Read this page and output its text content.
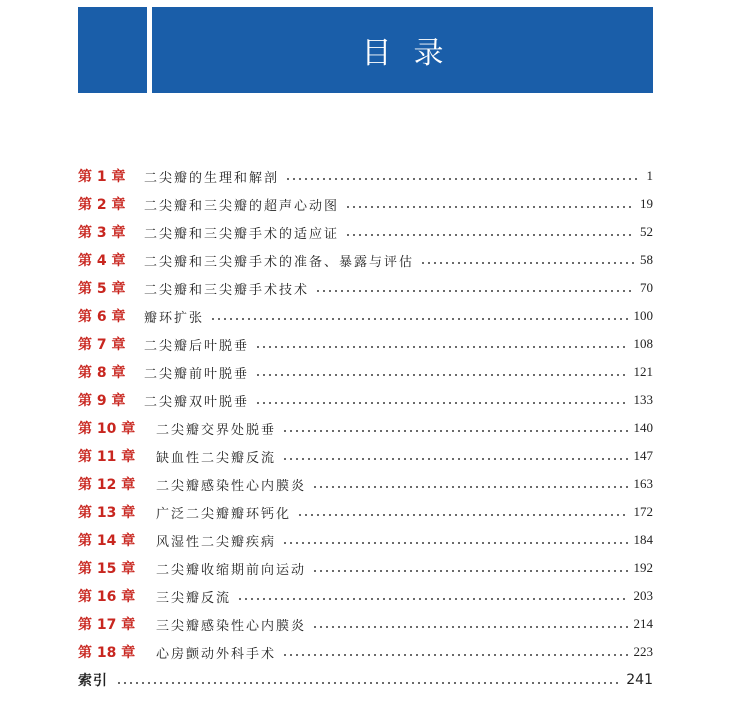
目录
第 1 章	二尖瓣的生理和解剖	1
第 2 章	二尖瓣和三尖瓣的超声心动图	19
第 3 章	二尖瓣和三尖瓣手术的适应证	52
第 4 章	二尖瓣和三尖瓣手术的准备、暴露与评估	58
第 5 章	二尖瓣和三尖瓣手术技术	70
第 6 章	瓣环扩张	100
第 7 章	二尖瓣后叶脱垂	108
第 8 章	二尖瓣前叶脱垂	121
第 9 章	二尖瓣双叶脱垂	133
第 10 章	二尖瓣交界处脱垂	140
第 11 章	缺血性二尖瓣反流	147
第 12 章	二尖瓣感染性心内膜炎	163
第 13 章	广泛二尖瓣瓣环钙化	172
第 14 章	风湿性二尖瓣疾病	184
第 15 章	二尖瓣收缩期前向运动	192
第 16 章	三尖瓣反流	203
第 17 章	三尖瓣感染性心内膜炎	214
第 18 章	心房颤动外科手术	223
索引	241
